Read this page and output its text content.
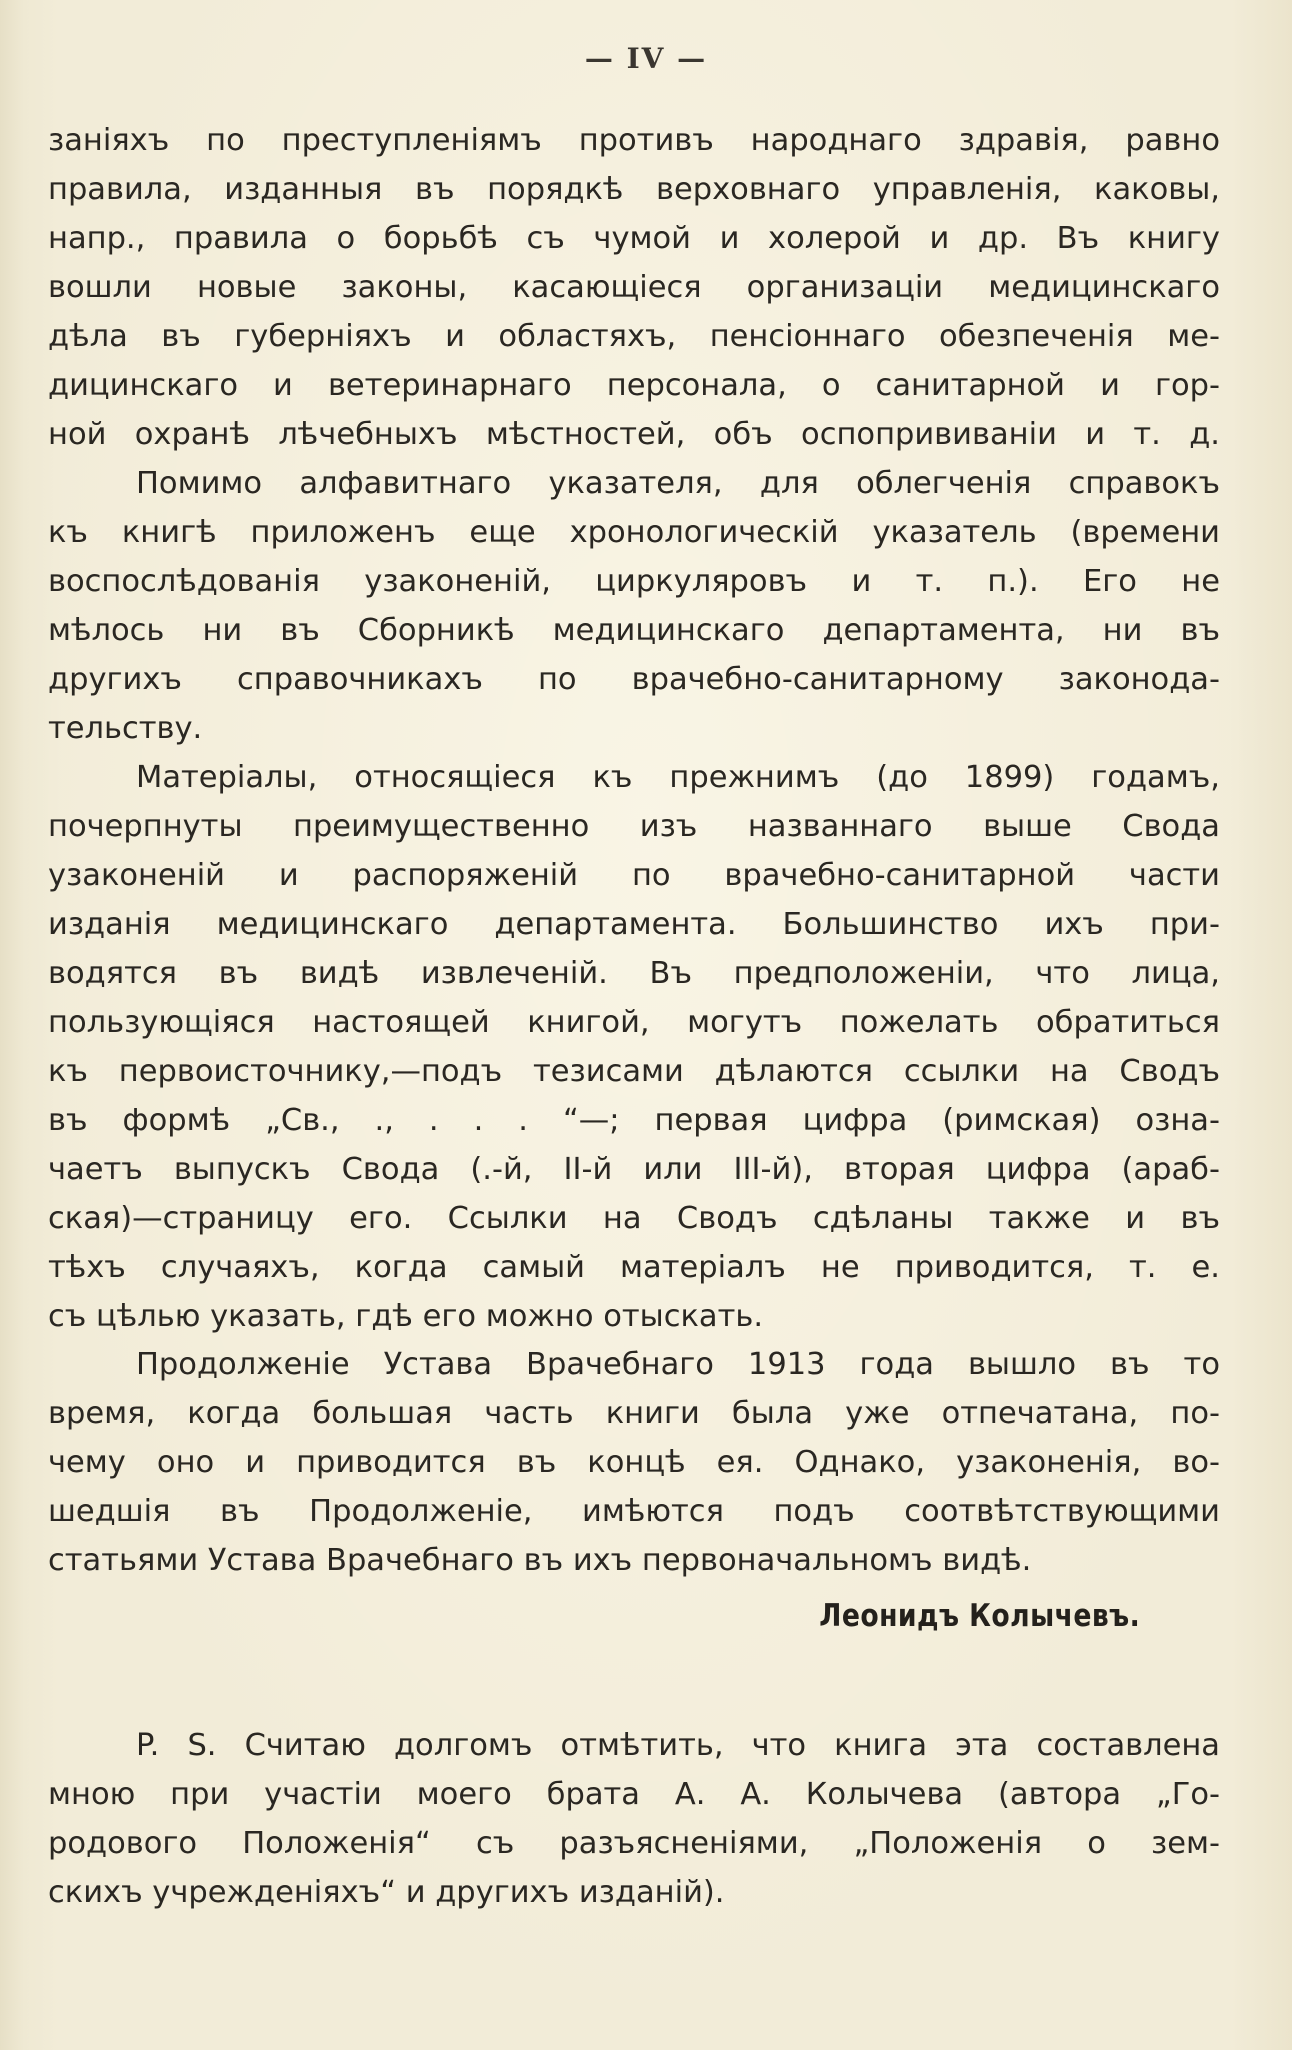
— IV —
заніяхъ по преступленіямъ противъ народнаго здравія, равно
правила, изданныя въ порядкѣ верховнаго управленія, каковы,
напр., правила о борьбѣ съ чумой и холерой и др. Въ книгу
вошли новые законы, касающіеся организаціи медицинскаго
дѣла въ губерніяхъ и областяхъ, пенсіоннаго обезпеченія ме-
дицинскаго и ветеринарнаго персонала, о санитарной и гор-
ной охранѣ лѣчебныхъ мѣстностей, объ оспопрививаніи и т. д.
Помимо алфавитнаго указателя, для облегченія справокъ
къ книгѣ приложенъ еще хронологическій указатель (времени
воспослѣдованія узаконеній, циркуляровъ и т. п.). Его не
мѣлось ни въ Сборникѣ медицинскаго департамента, ни въ
другихъ справочникахъ по врачебно-санитарному законода-
тельству.
Матеріалы, относящіеся къ прежнимъ (до 1899) годамъ,
почерпнуты преимущественно изъ названнаго выше Свода
узаконеній и распоряженій по врачебно-санитарной части
изданія медицинскаго департамента. Большинство ихъ при-
водятся въ видѣ извлеченій. Въ предположеніи, что лица,
пользующіяся настоящей книгой, могутъ пожелать обратиться
къ первоисточнику,—подъ тезисами дѣлаются ссылки на Сводъ
въ формѣ „Св., ., . . . “—; первая цифра (римская) озна-
чаетъ выпускъ Свода (.-й, II-й или III-й), вторая цифра (араб-
ская)—страницу его. Ссылки на Сводъ сдѣланы также и въ
тѣхъ случаяхъ, когда самый матеріалъ не приводится, т. е.
съ цѣлью указать, гдѣ его можно отыскать.
Продолженіе Устава Врачебнаго 1913 года вышло въ то
время, когда большая часть книги была уже отпечатана, по-
чему оно и приводится въ концѣ ея. Однако, узаконенія, во-
шедшія въ Продолженіе, имѣются подъ соотвѣтствующими
статьями Устава Врачебнаго въ ихъ первоначальномъ видѣ.
Леонидъ Колычевъ.
P. S. Считаю долгомъ отмѣтить, что книга эта составлена
мною при участіи моего брата А. А. Колычева (автора „Го-
родового Положенія“ съ разъясненіями, „Положенія о зем-
скихъ учрежденіяхъ“ и другихъ изданій).
